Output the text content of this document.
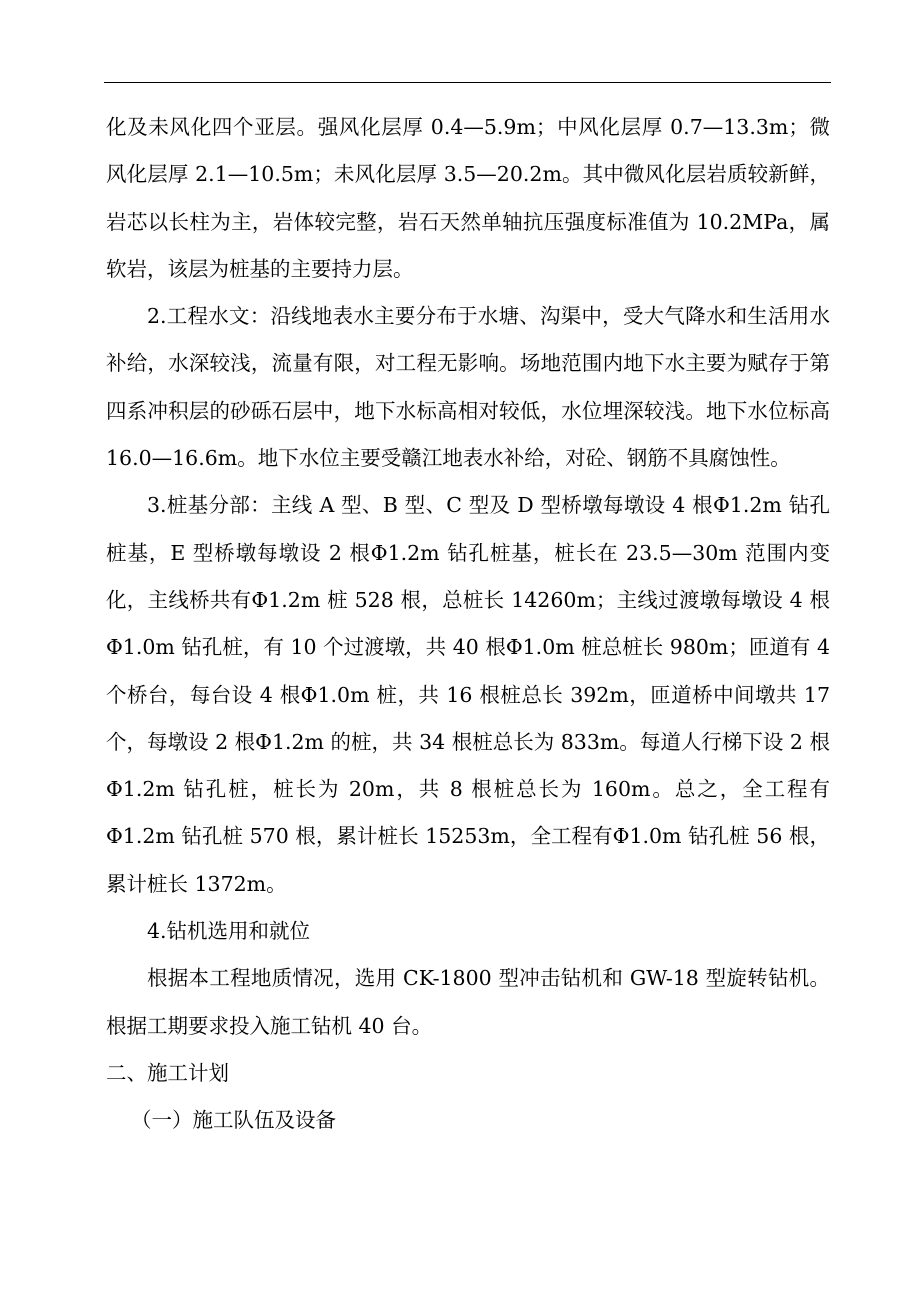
化及未风化四个亚层。强风化层厚 0.4—5.9m；中风化层厚 0.7—13.3m；微风化层厚 2.1—10.5m；未风化层厚 3.5—20.2m。其中微风化层岩质较新鲜，岩芯以长柱为主，岩体较完整，岩石天然单轴抗压强度标准值为 10.2MPa，属软岩，该层为桩基的主要持力层。

2.工程水文：沿线地表水主要分布于水塘、沟渠中，受大气降水和生活用水补给，水深较浅，流量有限，对工程无影响。场地范围内地下水主要为赋存于第四系冲积层的砂砾石层中，地下水标高相对较低，水位埋深较浅。地下水位标高 16.0—16.6m。地下水位主要受赣江地表水补给，对砼、钢筋不具腐蚀性。

3.桩基分部：主线 A 型、B 型、C 型及 D 型桥墩每墩设 4 根Φ1.2m 钻孔桩基，E 型桥墩每墩设 2 根Φ1.2m 钻孔桩基，桩长在 23.5—30m 范围内变化，主线桥共有Φ1.2m 桩 528 根，总桩长 14260m；主线过渡墩每墩设 4 根Φ1.0m 钻孔桩，有 10 个过渡墩，共 40 根Φ1.0m 桩总桩长 980m；匝道有 4 个桥台，每台设 4 根Φ1.0m 桩，共 16 根桩总长 392m，匝道桥中间墩共 17 个，每墩设 2 根Φ1.2m 的桩，共 34 根桩总长为 833m。每道人行梯下设 2 根Φ1.2m 钻孔桩，桩长为 20m，共 8 根桩总长为 160m。总之，全工程有Φ1.2m 钻孔桩 570 根，累计桩长 15253m，全工程有Φ1.0m 钻孔桩 56 根，累计桩长 1372m。

4.钻机选用和就位

根据本工程地质情况，选用 CK-1800 型冲击钻机和 GW-18 型旋转钻机。根据工期要求投入施工钻机 40 台。

二、施工计划

（一）施工队伍及设备
